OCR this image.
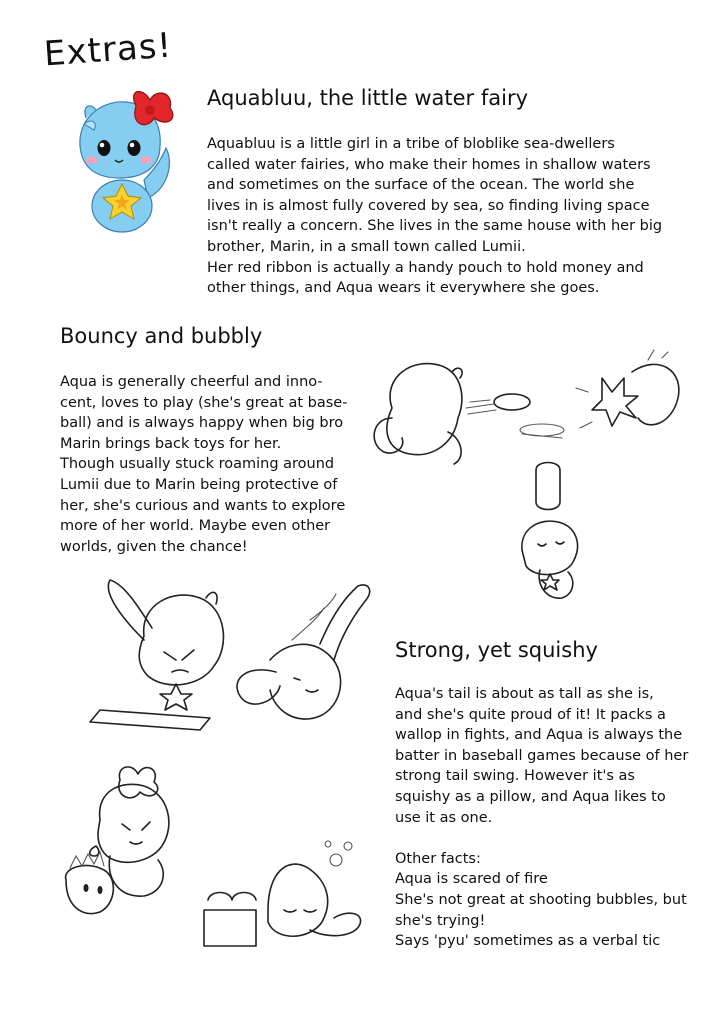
Extras!
Aquabluu, the little water fairy
Aquabluu is a little girl in a tribe of bloblike sea-dwellers
called water fairies, who make their homes in shallow waters
and sometimes on the surface of the ocean. The world she
lives in is almost fully covered by sea, so finding living space
isn't really a concern. She lives in the same house with her big
brother, Marin, in a small town called Lumii.
Her red ribbon is actually a handy pouch to hold money and
other things, and Aqua wears it everywhere she goes.
Bouncy and bubbly
Aqua is generally cheerful and inno-
cent, loves to play (she's great at base-
ball) and is always happy when big bro
Marin brings back toys for her.
Though usually stuck roaming around
Lumii due to Marin being protective of
her, she's curious and wants to explore
more of her world. Maybe even other
worlds, given the chance!
Strong, yet squishy
Aqua's tail is about as tall as she is,
and she's quite proud of it! It packs a
wallop in fights, and Aqua is always the
batter in baseball games because of her
strong tail swing. However it's as
squishy as a pillow, and Aqua likes to
use it as one.
Other facts:
Aqua is scared of fire
She's not great at shooting bubbles, but
she's trying!
Says 'pyu' sometimes as a verbal tic
